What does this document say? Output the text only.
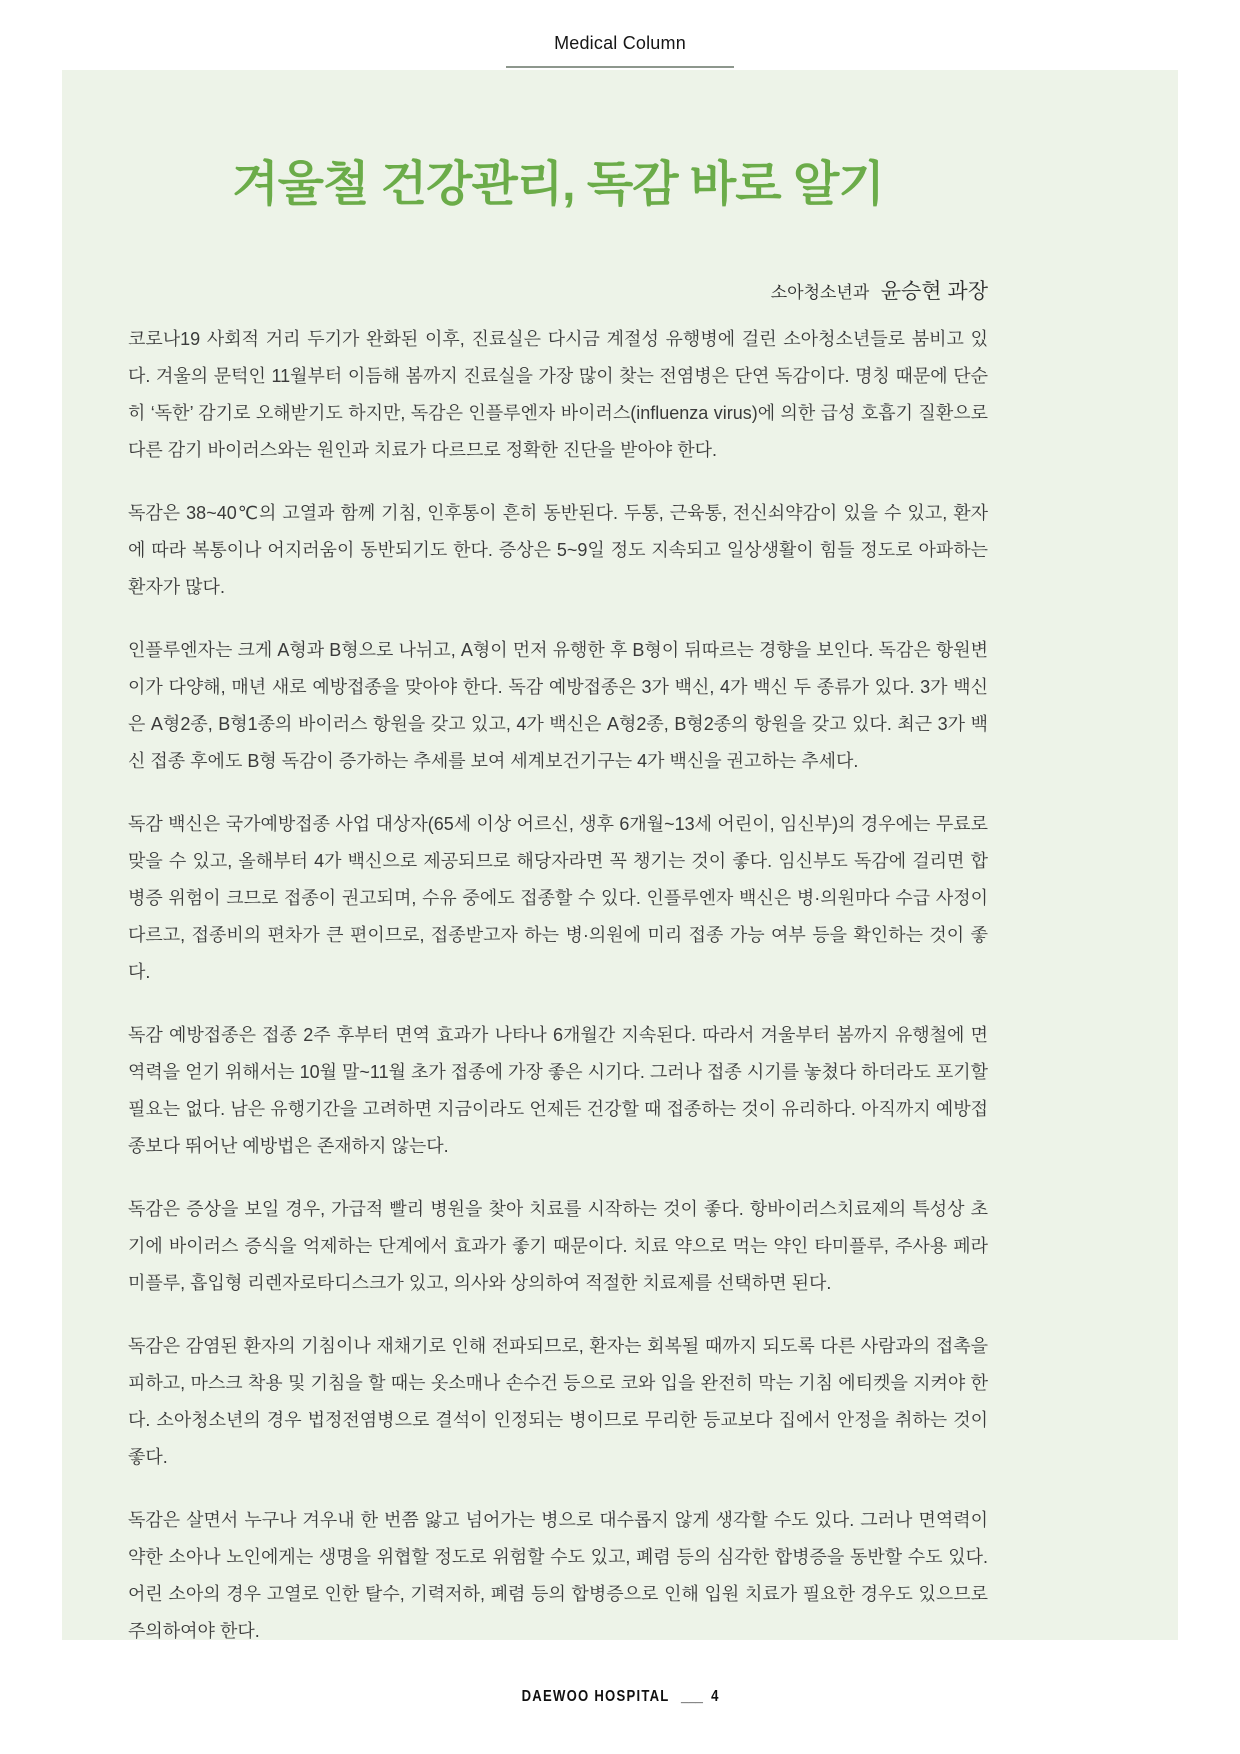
Medical Column
겨울철 건강관리, 독감 바로 알기
소아청소년과 윤승현 과장

코로나19 사회적 거리 두기가 완화된 이후, 진료실은 다시금 계절성 유행병에 걸린 소아청소년들로 붐비고 있다. 겨울의 문턱인 11월부터 이듬해 봄까지 진료실을 가장 많이 찾는 전염병은 단연 독감이다. 명칭 때문에 단순히 ‘독한’ 감기로 오해받기도 하지만, 독감은 인플루엔자 바이러스(influenza virus)에 의한 급성 호흡기 질환으로 다른 감기 바이러스와는 원인과 치료가 다르므로 정확한 진단을 받아야 한다.

독감은 38~40℃의 고열과 함께 기침, 인후통이 흔히 동반된다. 두통, 근육통, 전신쇠약감이 있을 수 있고, 환자에 따라 복통이나 어지러움이 동반되기도 한다. 증상은 5~9일 정도 지속되고 일상생활이 힘들 정도로 아파하는 환자가 많다.

인플루엔자는 크게 A형과 B형으로 나뉘고, A형이 먼저 유행한 후 B형이 뒤따르는 경향을 보인다. 독감은 항원변이가 다양해, 매년 새로 예방접종을 맞아야 한다. 독감 예방접종은 3가 백신, 4가 백신 두 종류가 있다. 3가 백신은 A형2종, B형1종의 바이러스 항원을 갖고 있고, 4가 백신은 A형2종, B형2종의 항원을 갖고 있다. 최근 3가 백신 접종 후에도 B형 독감이 증가하는 추세를 보여 세계보건기구는 4가 백신을 권고하는 추세다.

독감 백신은 국가예방접종 사업 대상자(65세 이상 어르신, 생후 6개월~13세 어린이, 임신부)의 경우에는 무료로 맞을 수 있고, 올해부터 4가 백신으로 제공되므로 해당자라면 꼭 챙기는 것이 좋다. 임신부도 독감에 걸리면 합병증 위험이 크므로 접종이 권고되며, 수유 중에도 접종할 수 있다. 인플루엔자 백신은 병·의원마다 수급 사정이 다르고, 접종비의 편차가 큰 편이므로, 접종받고자 하는 병·의원에 미리 접종 가능 여부 등을 확인하는 것이 좋다.

독감 예방접종은 접종 2주 후부터 면역 효과가 나타나 6개월간 지속된다. 따라서 겨울부터 봄까지 유행철에 면역력을 얻기 위해서는 10월 말~11월 초가 접종에 가장 좋은 시기다. 그러나 접종 시기를 놓쳤다 하더라도 포기할 필요는 없다. 남은 유행기간을 고려하면 지금이라도 언제든 건강할 때 접종하는 것이 유리하다. 아직까지 예방접종보다 뛰어난 예방법은 존재하지 않는다.

독감은 증상을 보일 경우, 가급적 빨리 병원을 찾아 치료를 시작하는 것이 좋다. 항바이러스치료제의 특성상 초기에 바이러스 증식을 억제하는 단계에서 효과가 좋기 때문이다. 치료 약으로 먹는 약인 타미플루, 주사용 페라미플루, 흡입형 리렌자로타디스크가 있고, 의사와 상의하여 적절한 치료제를 선택하면 된다.

독감은 감염된 환자의 기침이나 재채기로 인해 전파되므로, 환자는 회복될 때까지 되도록 다른 사람과의 접촉을 피하고, 마스크 착용 및 기침을 할 때는 옷소매나 손수건 등으로 코와 입을 완전히 막는 기침 에티켓을 지켜야 한다. 소아청소년의 경우 법정전염병으로 결석이 인정되는 병이므로 무리한 등교보다 집에서 안정을 취하는 것이 좋다.

독감은 살면서 누구나 겨우내 한 번쯤 앓고 넘어가는 병으로 대수롭지 않게 생각할 수도 있다. 그러나 면역력이 약한 소아나 노인에게는 생명을 위협할 정도로 위험할 수도 있고, 폐렴 등의 심각한 합병증을 동반할 수도 있다. 어린 소아의 경우 고열로 인한 탈수, 기력저하, 폐렴 등의 합병증으로 인해 입원 치료가 필요한 경우도 있으므로 주의하여야 한다.

DAEWOO HOSPITAL ___ 4
